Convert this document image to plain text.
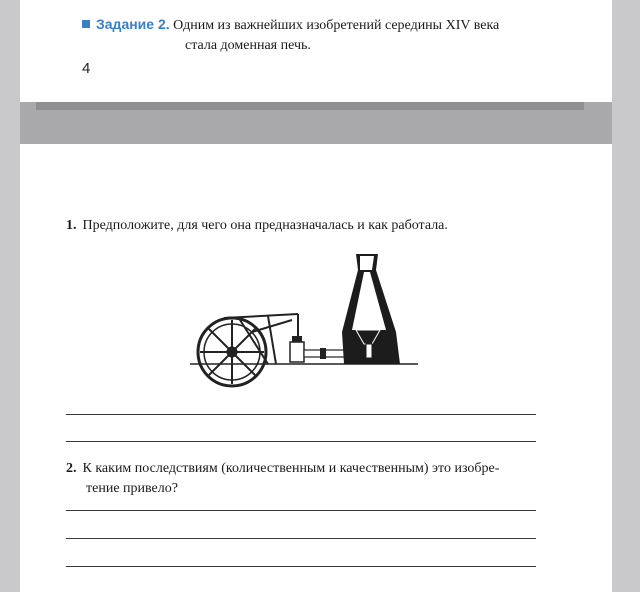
Задание 2. Одним из важнейших изобретений середины XIV века
стала доменная печь.
4
1. Предположите, для чего она предназначалась и как работала.
2. К каким последствиям (количественным и качественным) это изобре-
тение привело?
